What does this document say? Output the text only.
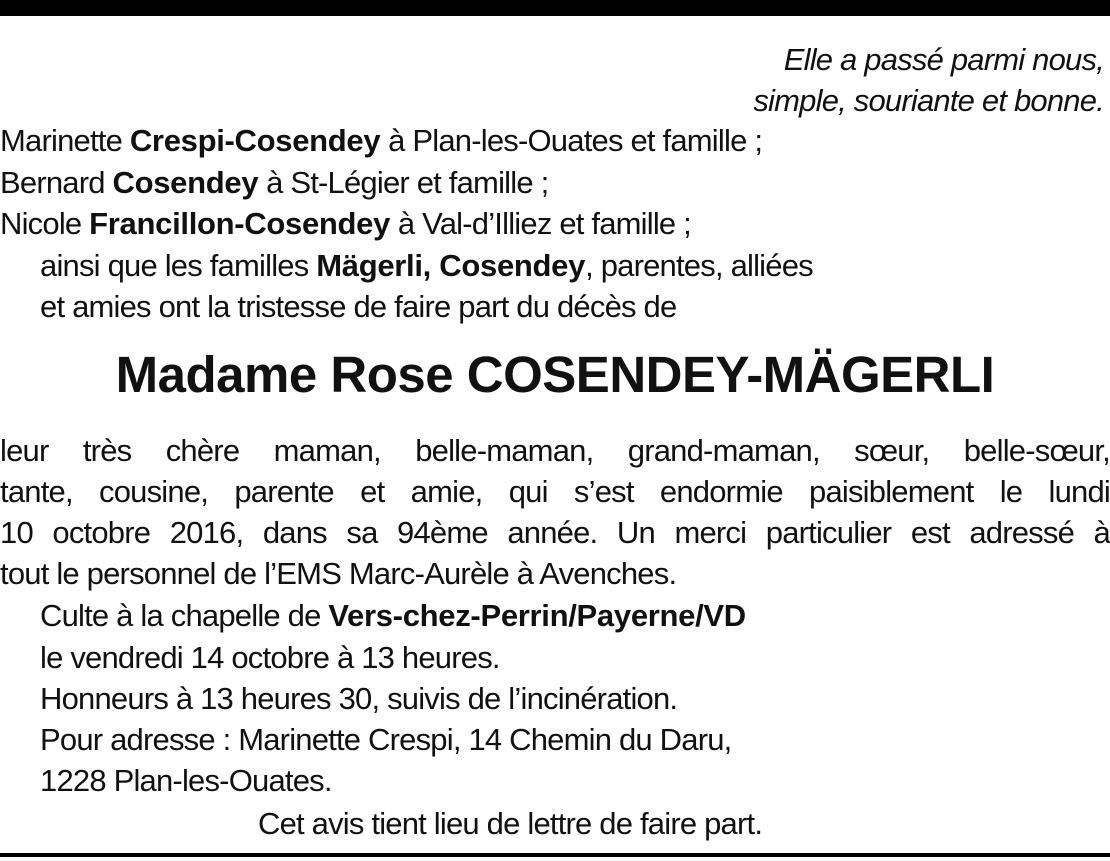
Elle a passé parmi nous,
simple, souriante et bonne.
Marinette Crespi-Cosendey à Plan-les-Ouates et famille ;
Bernard Cosendey à St-Légier et famille ;
Nicole Francillon-Cosendey à Val-d’Illiez et famille ;
ainsi que les familles Mägerli, Cosendey, parentes, alliées
et amies ont la tristesse de faire part du décès de
Madame Rose COSENDEY-MÄGERLI
leur très chère maman, belle-maman, grand-maman, sœur, belle-sœur,
tante, cousine, parente et amie, qui s’est endormie paisiblement le lundi
10 octobre 2016, dans sa 94ème année. Un merci particulier est adressé à
tout le personnel de l’EMS Marc-Aurèle à Avenches.
Culte à la chapelle de Vers-chez-Perrin/Payerne/VD
le vendredi 14 octobre à 13 heures.
Honneurs à 13 heures 30, suivis de l’incinération.
Pour adresse : Marinette Crespi, 14 Chemin du Daru,
1228 Plan-les-Ouates.
Cet avis tient lieu de lettre de faire part.
